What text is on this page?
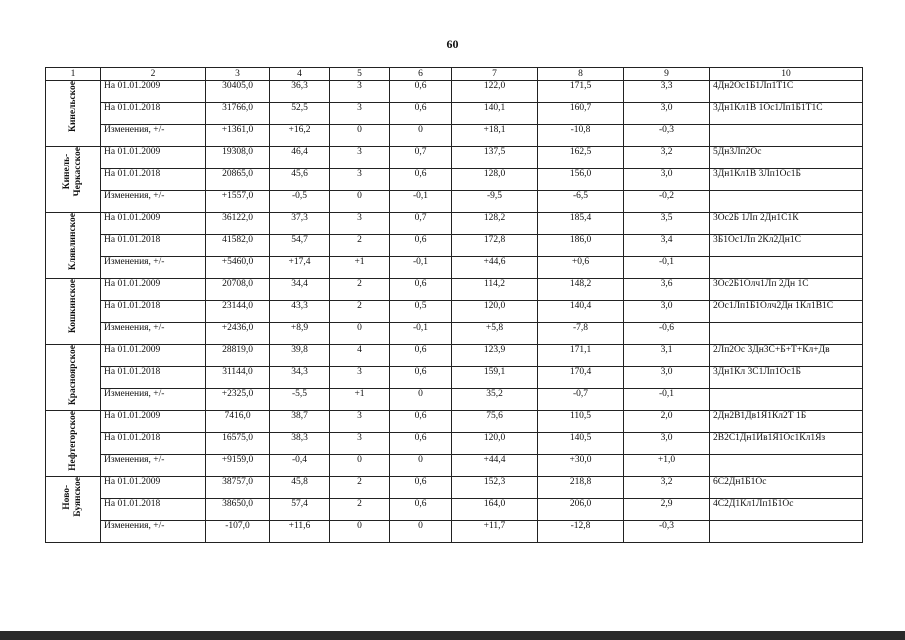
60
1	2	3	4	5	6	7	8	9	10
Кинельское	На 01.01.2009	30405,0	36,3	3	0,6	122,0	171,5	3,3	4Дн2Ос1Б1Лп1Т1С
	На 01.01.2018	31766,0	52,5	3	0,6	140,1	160,7	3,0	3Дн1Кл1В 1Ос1Лп1Б1Т1С
	Изменения, +/-	+1361,0	+16,2	0	0	+18,1	-10,8	-0,3	
Кинель-
Черкасское	На 01.01.2009	19308,0	46,4	3	0,7	137,5	162,5	3,2	5Дн3Лп2Ос
	На 01.01.2018	20865,0	45,6	3	0,6	128,0	156,0	3,0	3Дн1Кл1В 3Лп1Ос1Б
	Изменения, +/-	+1557,0	-0,5	0	-0,1	-9,5	-6,5	-0,2	
Клявлинское	На 01.01.2009	36122,0	37,3	3	0,7	128,2	185,4	3,5	3Ос2Б 1Лп 2Дн1С1К
	На 01.01.2018	41582,0	54,7	2	0,6	172,8	186,0	3,4	3Б1Ос1Лп 2Кл2Дн1С
	Изменения, +/-	+5460,0	+17,4	+1	-0,1	+44,6	+0,6	-0,1	
Кошкинское	На 01.01.2009	20708,0	34,4	2	0,6	114,2	148,2	3,6	3Ос2Б1Олч1Лп 2Дн 1С
	На 01.01.2018	23144,0	43,3	2	0,5	120,0	140,4	3,0	2Ос1Лп1Б1Олч2Дн 1Кл1В1С
	Изменения, +/-	+2436,0	+8,9	0	-0,1	+5,8	-7,8	-0,6	
Красноярское	На 01.01.2009	28819,0	39,8	4	0,6	123,9	171,1	3,1	2Лп2Ос 3Дн3С+Б+Т+Кл+Дв
	На 01.01.2018	31144,0	34,3	3	0,6	159,1	170,4	3,0	3Дн1Кл 3С1Лп1Ос1Б
	Изменения, +/-	+2325,0	-5,5	+1	0	35,2	-0,7	-0,1	
Нефтегорское	На 01.01.2009	7416,0	38,7	3	0,6	75,6	110,5	2,0	2Дн2В1Дв1Я1Кл2Т 1Б
	На 01.01.2018	16575,0	38,3	3	0,6	120,0	140,5	3,0	2В2С1Дн1Ив1Я1Ос1Кл1Яз
	Изменения, +/-	+9159,0	-0,4	0	0	+44,4	+30,0	+1,0	
Ново-
Буянское	На 01.01.2009	38757,0	45,8	2	0,6	152,3	218,8	3,2	6С2Дн1Б1Ос
	На 01.01.2018	38650,0	57,4	2	0,6	164,0	206,0	2,9	4С2Д1Кл1Лп1Б1Ос
	Изменения, +/-	-107,0	+11,6	0	0	+11,7	-12,8	-0,3	
